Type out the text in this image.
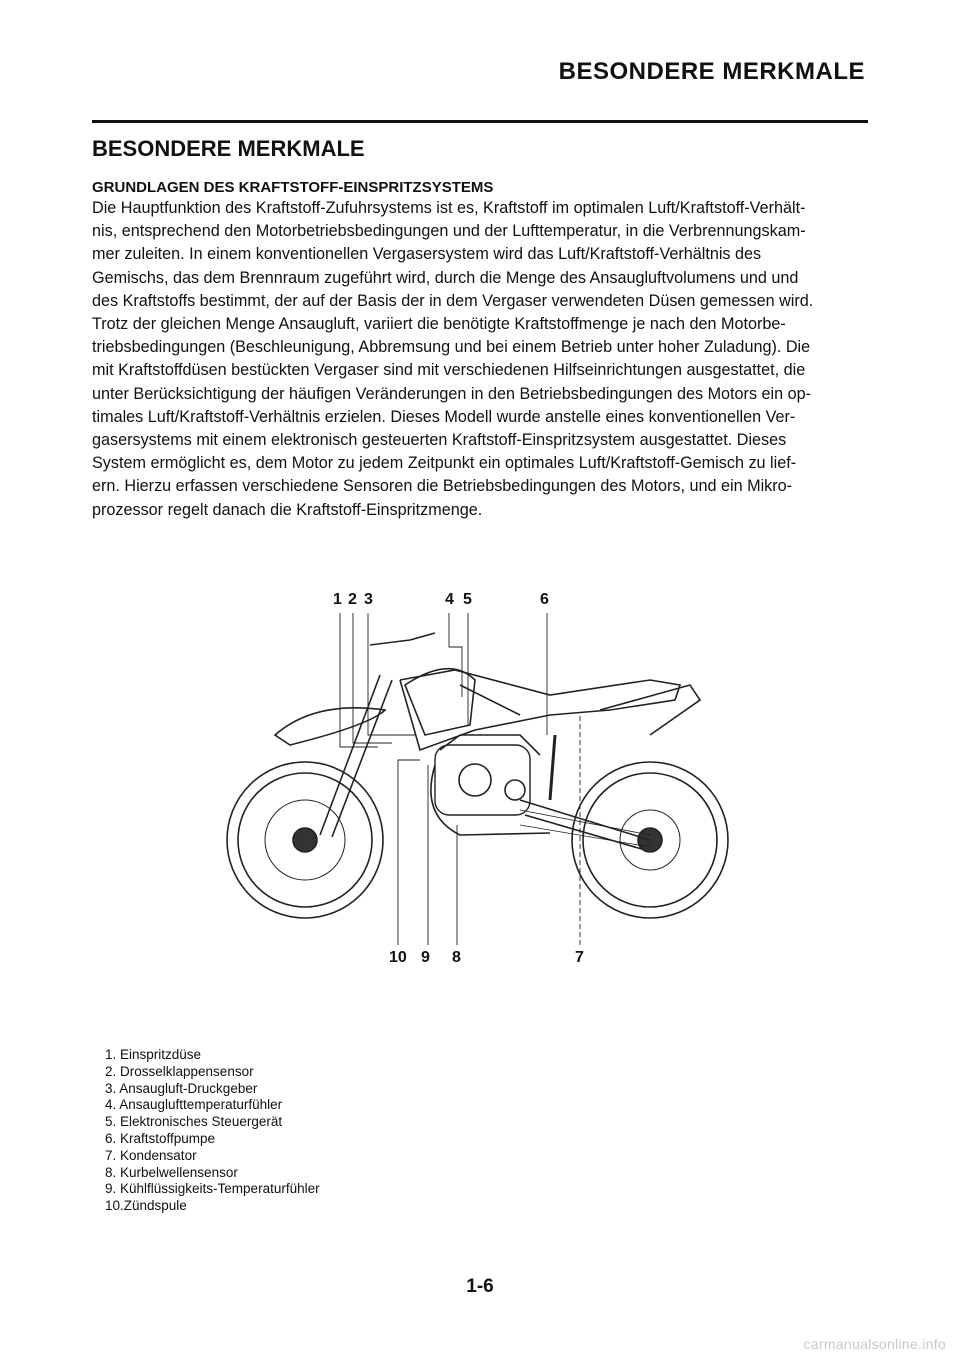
BESONDERE MERKMALE
BESONDERE MERKMALE
GRUNDLAGEN DES KRAFTSTOFF-EINSPRITZSYSTEMS
Die Hauptfunktion des Kraftstoff-Zufuhrsystems ist es, Kraftstoff im optimalen Luft/Kraftstoff-Verhält-
nis, entsprechend den Motorbetriebsbedingungen und der Lufttemperatur, in die Verbrennungskam-
mer zuleiten. In einem konventionellen Vergasersystem wird das Luft/Kraftstoff-Verhältnis des
Gemischs, das dem Brennraum zugeführt wird, durch die Menge des Ansaugluftvolumens und und
des Kraftstoffs bestimmt, der auf der Basis der in dem Vergaser verwendeten Düsen gemessen wird.
Trotz der gleichen Menge Ansaugluft, variiert die benötigte Kraftstoffmenge je nach den Motorbe-
triebsbedingungen (Beschleunigung, Abbremsung und bei einem Betrieb unter hoher Zuladung). Die
mit Kraftstoffdüsen bestückten Vergaser sind mit verschiedenen Hilfseinrichtungen ausgestattet, die
unter Berücksichtigung der häufigen Veränderungen in den Betriebsbedingungen des Motors ein op-
timales Luft/Kraftstoff-Verhältnis erzielen. Dieses Modell wurde anstelle eines konventionellen Ver-
gasersystems mit einem elektronisch gesteuerten Kraftstoff-Einspritzsystem ausgestattet. Dieses
System ermöglicht es, dem Motor zu jedem Zeitpunkt ein optimales Luft/Kraftstoff-Gemisch zu lief-
ern. Hierzu erfassen verschiedene Sensoren die Betriebsbedingungen des Motors, und ein Mikro-
prozessor regelt danach die Kraftstoff-Einspritzmenge.
1 2 3	4 5	6
10 9 8	7
1. Einspritzdüse
2. Drosselklappensensor
3. Ansaugluft-Druckgeber
4. Ansauglufttemperaturfühler
5. Elektronisches Steuergerät
6. Kraftstoffpumpe
7. Kondensator
8. Kurbelwellensensor
9. Kühlflüssigkeits-Temperaturfühler
10.Zündspule
1-6
carmanualsonline.info
